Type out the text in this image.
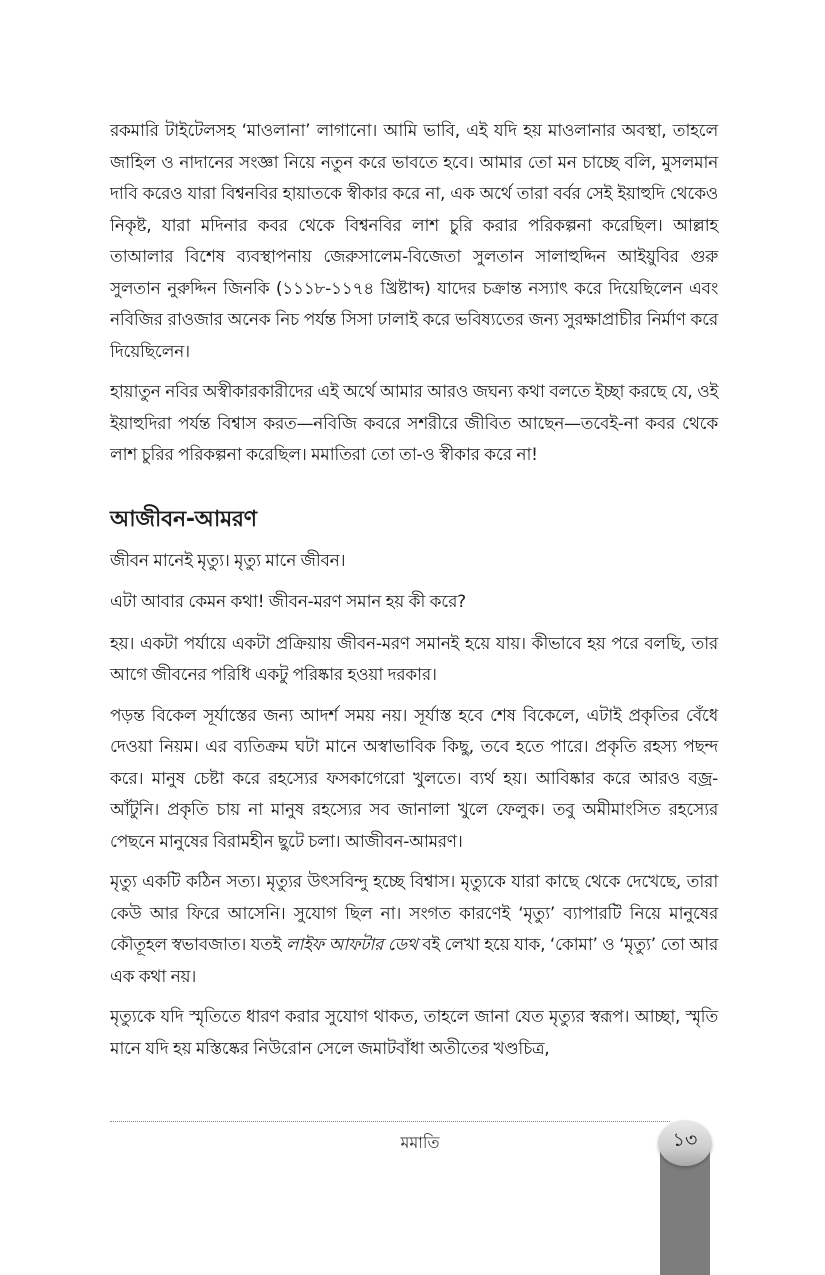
রকমারি টাইটেলসহ ‘মাওলানা’ লাগানো। আমি ভাবি, এই যদি হয় মাওলানার অবস্থা, তাহলে জাহিল ও নাদানের সংজ্ঞা নিয়ে নতুন করে ভাবতে হবে। আমার তো মন চাচ্ছে বলি, মুসলমান দাবি করেও যারা বিশ্বনবির হায়াতকে স্বীকার করে না, এক অর্থে তারা বর্বর সেই ইয়াহুদি থেকেও নিকৃষ্ট, যারা মদিনার কবর থেকে বিশ্বনবির লাশ চুরি করার পরিকল্পনা করেছিল। আল্লাহ তাআলার বিশেষ ব্যবস্থাপনায় জেরুসালেম-বিজেতা সুলতান সালাহুদ্দিন আইয়ুবির গুরু সুলতান নুরুদ্দিন জিনকি (১১১৮-১১৭৪ খ্রিষ্টাব্দ) যাদের চক্রান্ত নস্যাৎ করে দিয়েছিলেন এবং নবিজির রাওজার অনেক নিচ পর্যন্ত সিসা ঢালাই করে ভবিষ্যতের জন্য সুরক্ষাপ্রাচীর নির্মাণ করে দিয়েছিলেন।

হায়াতুন নবির অস্বীকারকারীদের এই অর্থে আমার আরও জঘন্য কথা বলতে ইচ্ছা করছে যে, ওই ইয়াহুদিরা পর্যন্ত বিশ্বাস করত—নবিজি কবরে সশরীরে জীবিত আছেন—তবেই-না কবর থেকে লাশ চুরির পরিকল্পনা করেছিল। মমাতিরা তো তা-ও স্বীকার করে না!

আজীবন-আমরণ

জীবন মানেই মৃত্যু। মৃত্যু মানে জীবন।

এটা আবার কেমন কথা! জীবন-মরণ সমান হয় কী করে?

হয়। একটা পর্যায়ে একটা প্রক্রিয়ায় জীবন-মরণ সমানই হয়ে যায়। কীভাবে হয় পরে বলছি, তার আগে জীবনের পরিধি একটু পরিষ্কার হওয়া দরকার।

পড়ন্ত বিকেল সূর্যাস্তের জন্য আদর্শ সময় নয়। সূর্যাস্ত হবে শেষ বিকেলে, এটাই প্রকৃতির বেঁধে দেওয়া নিয়ম। এর ব্যতিক্রম ঘটা মানে অস্বাভাবিক কিছু, তবে হতে পারে। প্রকৃতি রহস্য পছন্দ করে। মানুষ চেষ্টা করে রহস্যের ফসকাগেরো খুলতে। ব্যর্থ হয়। আবিষ্কার করে আরও বজ্র-আঁটুনি। প্রকৃতি চায় না মানুষ রহস্যের সব জানালা খুলে ফেলুক। তবু অমীমাংসিত রহস্যের পেছনে মানুষের বিরামহীন ছুটে চলা। আজীবন-আমরণ।

মৃত্যু একটি কঠিন সত্য। মৃত্যুর উৎসবিন্দু হচ্ছে বিশ্বাস। মৃত্যুকে যারা কাছে থেকে দেখেছে, তারা কেউ আর ফিরে আসেনি। সুযোগ ছিল না। সংগত কারণেই ‘মৃত্যু’ ব্যাপারটি নিয়ে মানুষের কৌতূহল স্বভাবজাত। যতই লাইফ আফটার ডেথ বই লেখা হয়ে যাক, ‘কোমা’ ও ‘মৃত্যু’ তো আর এক কথা নয়।

মৃত্যুকে যদি স্মৃতিতে ধারণ করার সুযোগ থাকত, তাহলে জানা যেত মৃত্যুর স্বরূপ। আচ্ছা, স্মৃতি মানে যদি হয় মস্তিষ্কের নিউরোন সেলে জমাটবাঁধা অতীতের খণ্ডচিত্র,

মমাতি	১৩
